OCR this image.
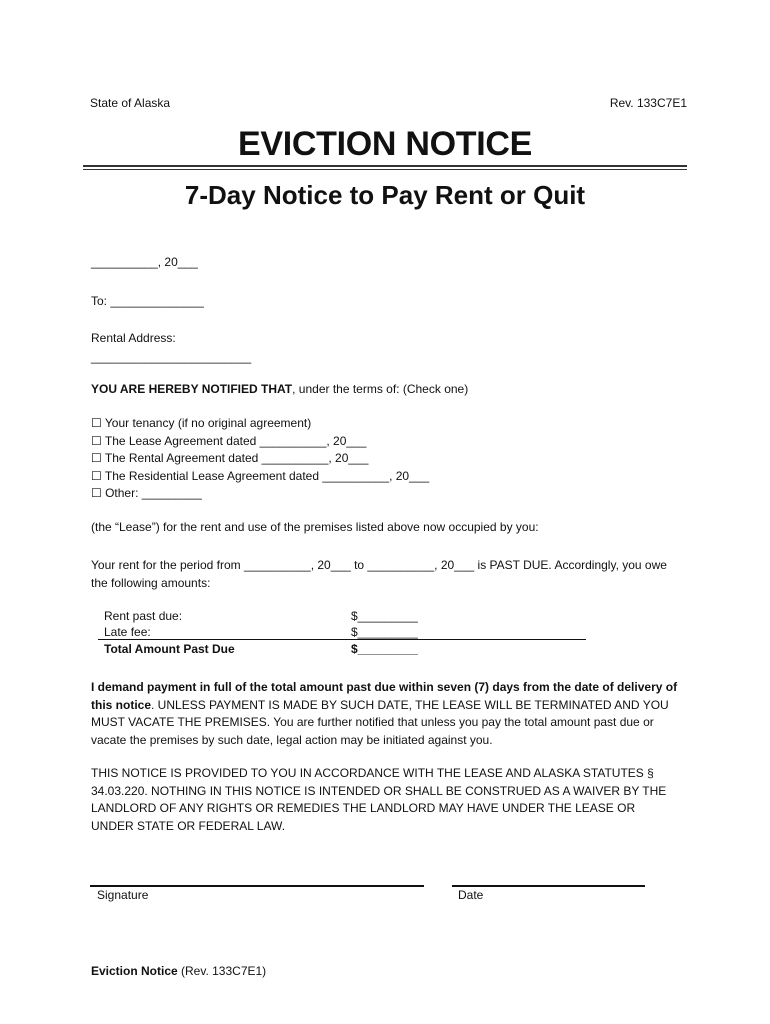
State of Alaska	Rev. 133C7E1
EVICTION NOTICE
7-Day Notice to Pay Rent or Quit
__________, 20___
To: ______________
Rental Address:
________________________
YOU ARE HEREBY NOTIFIED THAT, under the terms of: (Check one)
☐ Your tenancy (if no original agreement)
☐ The Lease Agreement dated __________, 20___
☐ The Rental Agreement dated __________, 20___
☐ The Residential Lease Agreement dated __________, 20___
☐ Other: _________
(the “Lease”) for the rent and use of the premises listed above now occupied by you:
Your rent for the period from __________, 20___ to __________, 20___ is PAST DUE. Accordingly, you owe the following amounts:
Rent past due:	$_________
Late fee:	$_________
Total Amount Past Due	$_________
I demand payment in full of the total amount past due within seven (7) days from the date of delivery of this notice. UNLESS PAYMENT IS MADE BY SUCH DATE, THE LEASE WILL BE TERMINATED AND YOU MUST VACATE THE PREMISES. You are further notified that unless you pay the total amount past due or vacate the premises by such date, legal action may be initiated against you.
THIS NOTICE IS PROVIDED TO YOU IN ACCORDANCE WITH THE LEASE AND ALASKA STATUTES § 34.03.220. NOTHING IN THIS NOTICE IS INTENDED OR SHALL BE CONSTRUED AS A WAIVER BY THE LANDLORD OF ANY RIGHTS OR REMEDIES THE LANDLORD MAY HAVE UNDER THE LEASE OR UNDER STATE OR FEDERAL LAW.
Signature	Date
Eviction Notice (Rev. 133C7E1)
